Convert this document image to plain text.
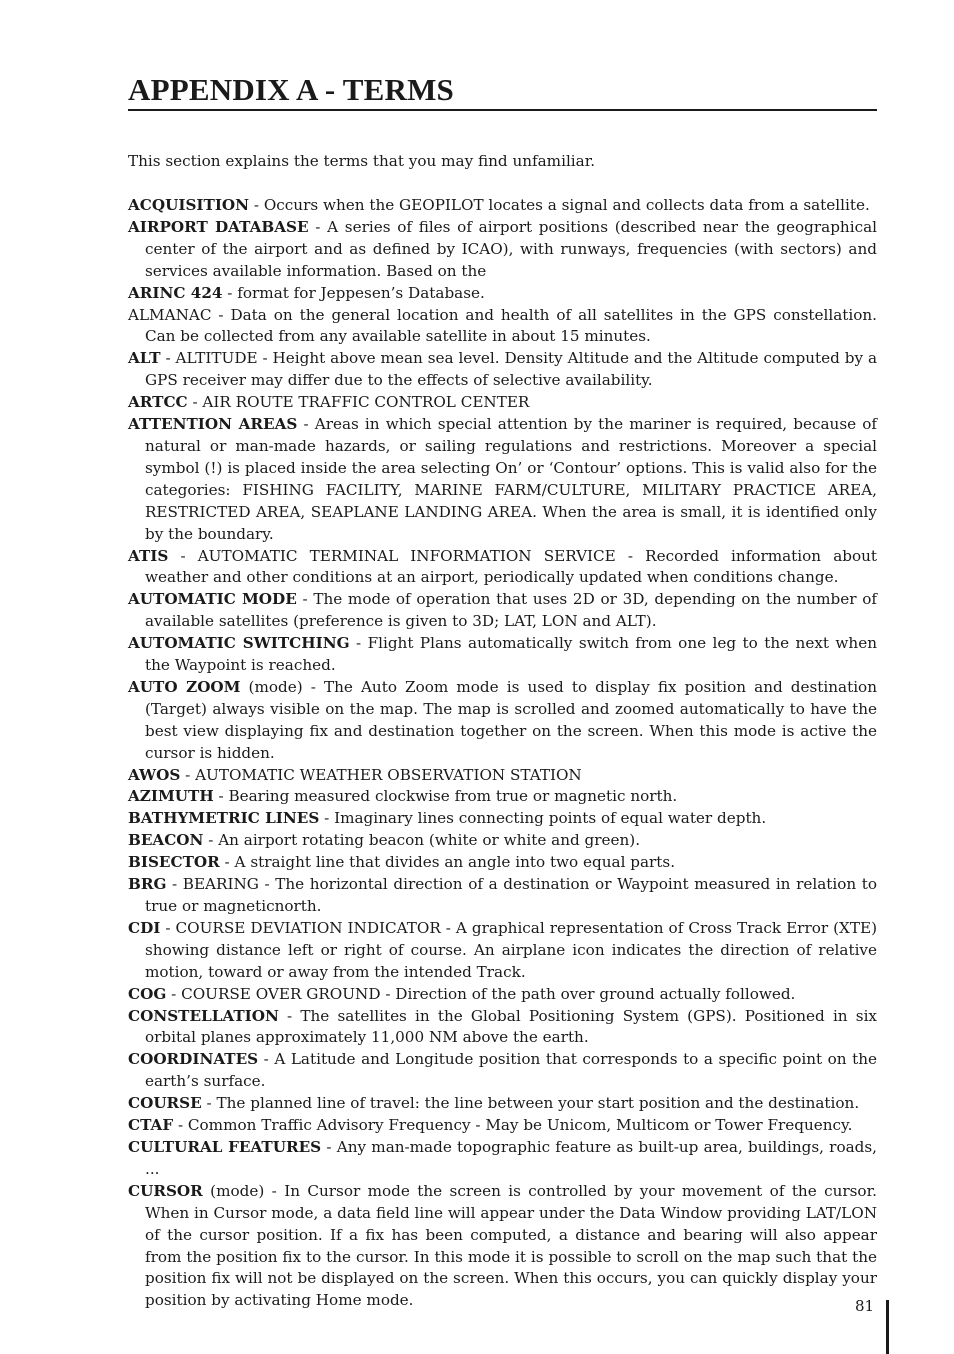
APPENDIX A - TERMS

This section explains the terms that you may find unfamiliar.

ACQUISITION - Occurs when the GEOPILOT locates a signal and collects data from a satellite.
AIRPORT DATABASE - A series of files of airport positions (described near the geographical center of the airport and as defined by ICAO), with runways, frequencies (with sectors) and services available information. Based on the
ARINC 424 - format for Jeppesen’s Database.
ALMANAC - Data on the general location and health of all satellites in the GPS constellation. Can be collected from any available satellite in about 15 minutes.
ALT - ALTITUDE - Height above mean sea level. Density Altitude and the Altitude computed by a GPS receiver may differ due to the effects of selective availability.
ARTCC - AIR ROUTE TRAFFIC CONTROL CENTER
ATTENTION AREAS - Areas in which special attention by the mariner is required, because of natural or man-made hazards, or sailing regulations and restrictions. Moreover a special symbol (!) is placed inside the area selecting On’ or ‘Contour’ options. This is valid also for the categories: FISHING FACILITY, MARINE FARM/CULTURE, MILITARY PRACTICE AREA, RESTRICTED AREA, SEAPLANE LANDING AREA. When the area is small, it is identified only by the boundary.
ATIS - AUTOMATIC TERMINAL INFORMATION SERVICE - Recorded information about weather and other conditions at an airport, periodically updated when conditions change.
AUTOMATIC MODE - The mode of operation that uses 2D or 3D, depending on the number of available satellites (preference is given to 3D; LAT, LON and ALT).
AUTOMATIC SWITCHING - Flight Plans automatically switch from one leg to the next when the Waypoint is reached.
AUTO ZOOM (mode) - The Auto Zoom mode is used to display fix position and destination (Target) always visible on the map. The map is scrolled and zoomed automatically to have the best view displaying fix and destination together on the screen. When this mode is active the cursor is hidden.
AWOS - AUTOMATIC WEATHER OBSERVATION STATION
AZIMUTH - Bearing measured clockwise from true or magnetic north.
BATHYMETRIC LINES - Imaginary lines connecting points of equal water depth.
BEACON - An airport rotating beacon (white or white and green).
BISECTOR - A straight line that divides an angle into two equal parts.
BRG - BEARING - The horizontal direction of a destination or Waypoint measured in relation to true or magneticnorth.
CDI - COURSE DEVIATION INDICATOR - A graphical representation of Cross Track Error (XTE) showing distance left or right of course. An airplane icon indicates the direction of relative motion, toward or away from the intended Track.
COG - COURSE OVER GROUND - Direction of the path over ground actually followed.
CONSTELLATION - The satellites in the Global Positioning System (GPS). Positioned in six orbital planes approximately 11,000 NM above the earth.
COORDINATES - A Latitude and Longitude position that corresponds to a specific point on the earth’s surface.
COURSE - The planned line of travel: the line between your start position and the destination.
CTAF - Common Traffic Advisory Frequency - May be Unicom, Multicom or Tower Frequency.
CULTURAL FEATURES - Any man-made topographic feature as built-up area, buildings, roads, ...
CURSOR (mode) - In Cursor mode the screen is controlled by your movement of the cursor. When in Cursor mode, a data field line will appear under the Data Window providing LAT/LON of the cursor position. If a fix has been computed, a distance and bearing will also appear from the position fix to the cursor. In this mode it is possible to scroll on the map such that the position fix will not be displayed on the screen. When this occurs, you can quickly display your position by activating Home mode.	81
